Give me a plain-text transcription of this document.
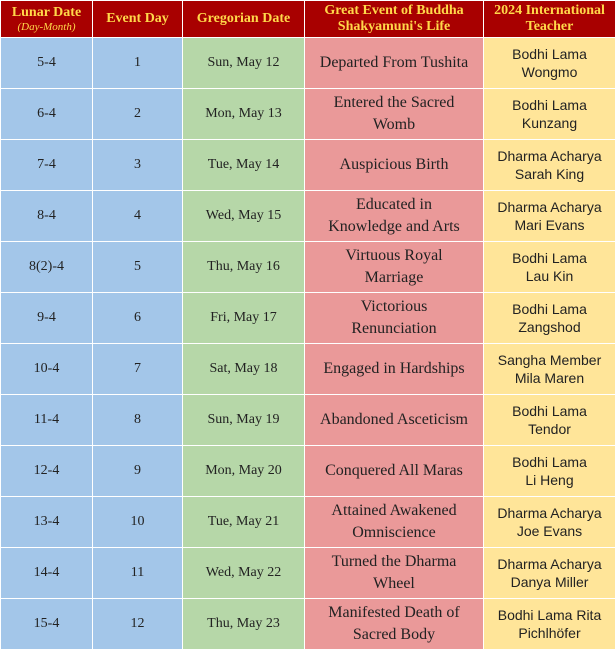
Lunar Date
(Day-Month)	Event Day	Gregorian Date	Great Event of Buddha
Shakyamuni's Life	2024 International
Teacher

5-4	1	Sun, May 12	Departed From Tushita	Bodhi Lama
Wongmo

6-4	2	Mon, May 13	Entered the Sacred
Womb	Bodhi Lama
Kunzang

7-4	3	Tue, May 14	Auspicious Birth	Dharma Acharya
Sarah King

8-4	4	Wed, May 15	Educated in
Knowledge and Arts	Dharma Acharya
Mari Evans

8(2)-4	5	Thu, May 16	Virtuous Royal
Marriage	Bodhi Lama
Lau Kin

9-4	6	Fri, May 17	Victorious
Renunciation	Bodhi Lama
Zangshod

10-4	7	Sat, May 18	Engaged in Hardships	Sangha Member
Mila Maren

11-4	8	Sun, May 19	Abandoned Asceticism	Bodhi Lama
Tendor

12-4	9	Mon, May 20	Conquered All Maras	Bodhi Lama
Li Heng

13-4	10	Tue, May 21	Attained Awakened
Omniscience	Dharma Acharya
Joe Evans

14-4	11	Wed, May 22	Turned the Dharma
Wheel	Dharma Acharya
Danya Miller

15-4	12	Thu, May 23	Manifested Death of
Sacred Body	Bodhi Lama Rita
Pichlhöfer
